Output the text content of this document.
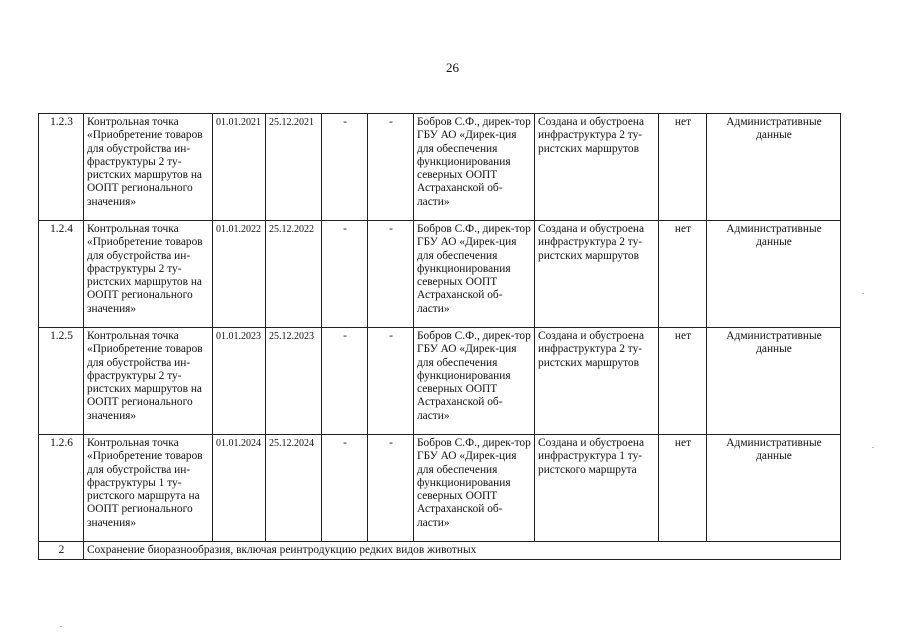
26
1.2.3	Контрольная точка «Приобретение товаров для обустройства ин-фраструктуры 2 ту-ристских маршрутов на ООПТ регионального значения»	01.01.2021	25.12.2021	-	-	Бобров С.Ф., дирек-тор ГБУ АО «Дирек-ция для обеспечения функционирования северных ООПТ Астраханской об-ласти»	Создана и обустроена инфраструктура 2 ту-ристских маршрутов	нет	Административные данные
1.2.4	Контрольная точка «Приобретение товаров для обустройства ин-фраструктуры 2 ту-ристских маршрутов на ООПТ регионального значения»	01.01.2022	25.12.2022	-	-	Бобров С.Ф., дирек-тор ГБУ АО «Дирек-ция для обеспечения функционирования северных ООПТ Астраханской об-ласти»	Создана и обустроена инфраструктура 2 ту-ристских маршрутов	нет	Административные данные
1.2.5	Контрольная точка «Приобретение товаров для обустройства ин-фраструктуры 2 ту-ристских маршрутов на ООПТ регионального значения»	01.01.2023	25.12.2023	-	-	Бобров С.Ф., дирек-тор ГБУ АО «Дирек-ция для обеспечения функционирования северных ООПТ Астраханской об-ласти»	Создана и обустроена инфраструктура 2 ту-ристских маршрутов	нет	Административные данные
1.2.6	Контрольная точка «Приобретение товаров для обустройства ин-фраструктуры 1 ту-ристского маршрута на ООПТ регионального значения»	01.01.2024	25.12.2024	-	-	Бобров С.Ф., дирек-тор ГБУ АО «Дирек-ция для обеспечения функционирования северных ООПТ Астраханской об-ласти»	Создана и обустроена инфраструктура 1 ту-ристского маршрута	нет	Административные данные
2	Сохранение биоразнообразия, включая реинтродукцию редких видов животных								
